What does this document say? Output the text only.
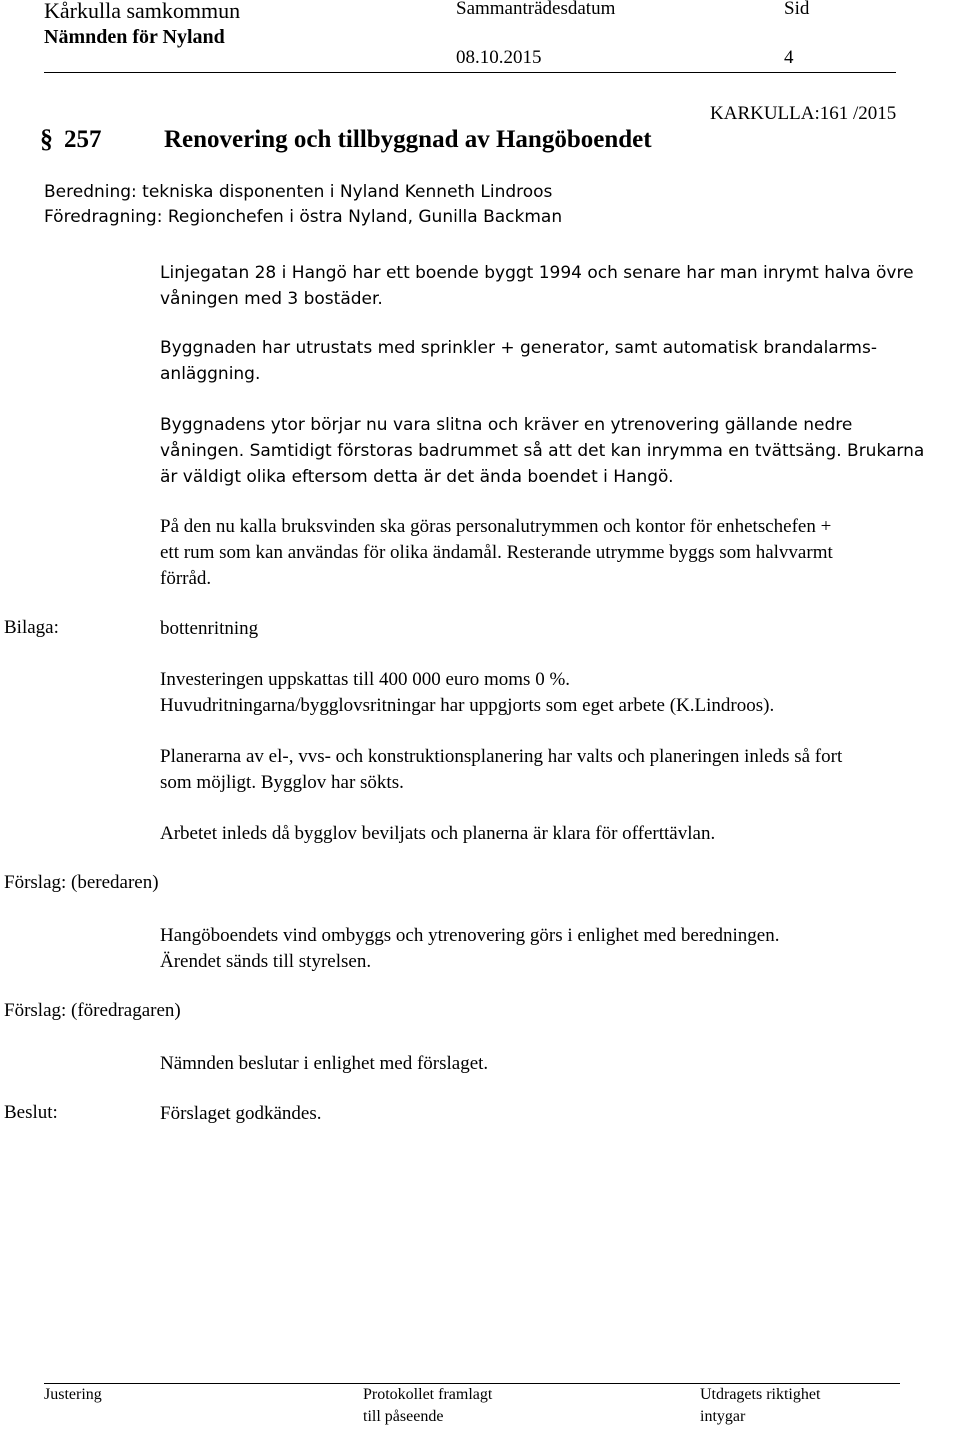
Kårkulla samkommun
Nämnden för Nyland
Sammanträdesdatum
08.10.2015
Sid
4
KARKULLA:161 /2015
§ 257	Renovering och tillbyggnad av Hangöboendet
Beredning: tekniska disponenten i Nyland Kenneth Lindroos
Föredragning: Regionchefen i östra Nyland, Gunilla Backman
Linjegatan 28 i Hangö har ett boende byggt 1994 och senare har man inrymt halva övre
våningen med 3 bostäder.
Byggnaden har utrustats med sprinkler + generator, samt automatisk brandalarms-
anläggning.
Byggnadens ytor börjar nu vara slitna och kräver en ytrenovering gällande nedre
våningen. Samtidigt förstoras badrummet så att det kan inrymma en tvättsäng. Brukarna
är väldigt olika eftersom detta är det ända boendet i Hangö.
På den nu kalla bruksvinden ska göras personalutrymmen och kontor för enhetschefen +
ett rum som kan användas för olika ändamål. Resterande utrymme byggs som halvvarmt
förråd.
Bilaga:	bottenritning
Investeringen uppskattas till 400 000 euro moms 0 %.
Huvudritningarna/bygglovsritningar har uppgjorts som eget arbete (K.Lindroos).
Planerarna av el-, vvs- och konstruktionsplanering har valts och planeringen inleds så fort
som möjligt. Bygglov har sökts.
Arbetet inleds då bygglov beviljats och planerna är klara för offerttävlan.
Förslag: (beredaren)
Hangöboendets vind ombyggs och ytrenovering görs i enlighet med beredningen.
Ärendet sänds till styrelsen.
Förslag: (föredragaren)
Nämnden beslutar i enlighet med förslaget.
Beslut:	Förslaget godkändes.
Justering	Protokollet framlagt
till påseende
Utdragets riktighet
intygar
